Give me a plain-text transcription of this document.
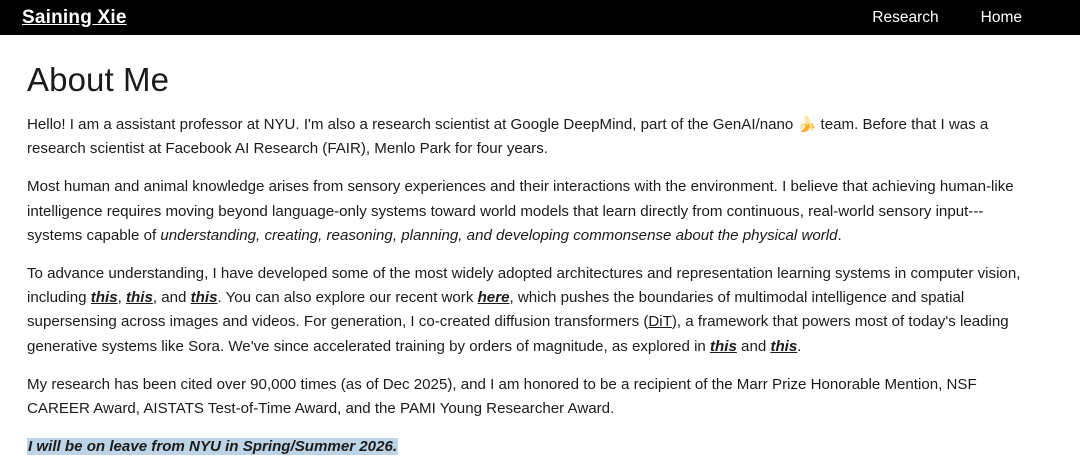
Saining Xie	Research	Home
About Me

Hello! I am a assistant professor at NYU. I'm also a research scientist at Google DeepMind, part of the GenAI/nano 🍌 team. Before that I was a research scientist at Facebook AI Research (FAIR), Menlo Park for four years.

Most human and animal knowledge arises from sensory experiences and their interactions with the environment. I believe that achieving human-like intelligence requires moving beyond language-only systems toward world models that learn directly from continuous, real-world sensory input---systems capable of understanding, creating, reasoning, planning, and developing commonsense about the physical world.

To advance understanding, I have developed some of the most widely adopted architectures and representation learning systems in computer vision, including this, this, and this. You can also explore our recent work here, which pushes the boundaries of multimodal intelligence and spatial supersensing across images and videos. For generation, I co-created diffusion transformers (DiT), a framework that powers most of today's leading generative systems like Sora. We've since accelerated training by orders of magnitude, as explored in this and this.

My research has been cited over 90,000 times (as of Dec 2025), and I am honored to be a recipient of the Marr Prize Honorable Mention, NSF CAREER Award, AISTATS Test-of-Time Award, and the PAMI Young Researcher Award.

I will be on leave from NYU in Spring/Summer 2026.
